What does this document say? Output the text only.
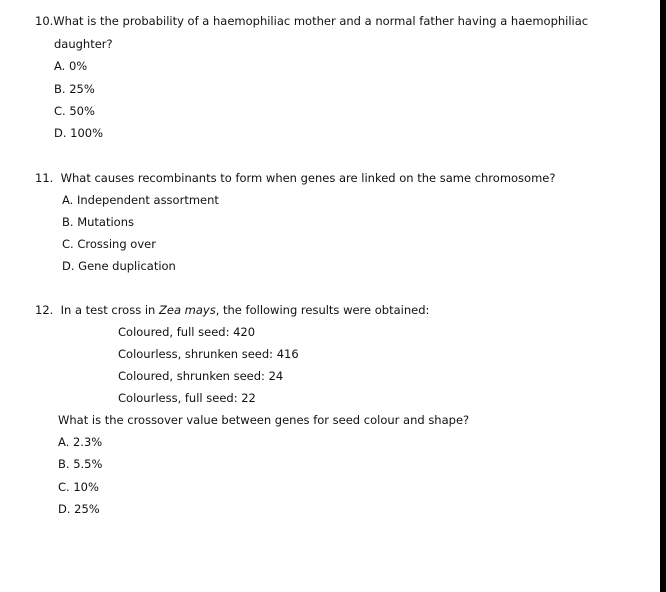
10.What is the probability of a haemophiliac mother and a normal father having a haemophiliac
daughter?
A. 0%
B. 25%
C. 50%
D. 100%
11. What causes recombinants to form when genes are linked on the same chromosome?
A. Independent assortment
B. Mutations
C. Crossing over
D. Gene duplication
12. In a test cross in Zea mays, the following results were obtained:
Coloured, full seed: 420
Colourless, shrunken seed: 416
Coloured, shrunken seed: 24
Colourless, full seed: 22
What is the crossover value between genes for seed colour and shape?
A. 2.3%
B. 5.5%
C. 10%
D. 25%
